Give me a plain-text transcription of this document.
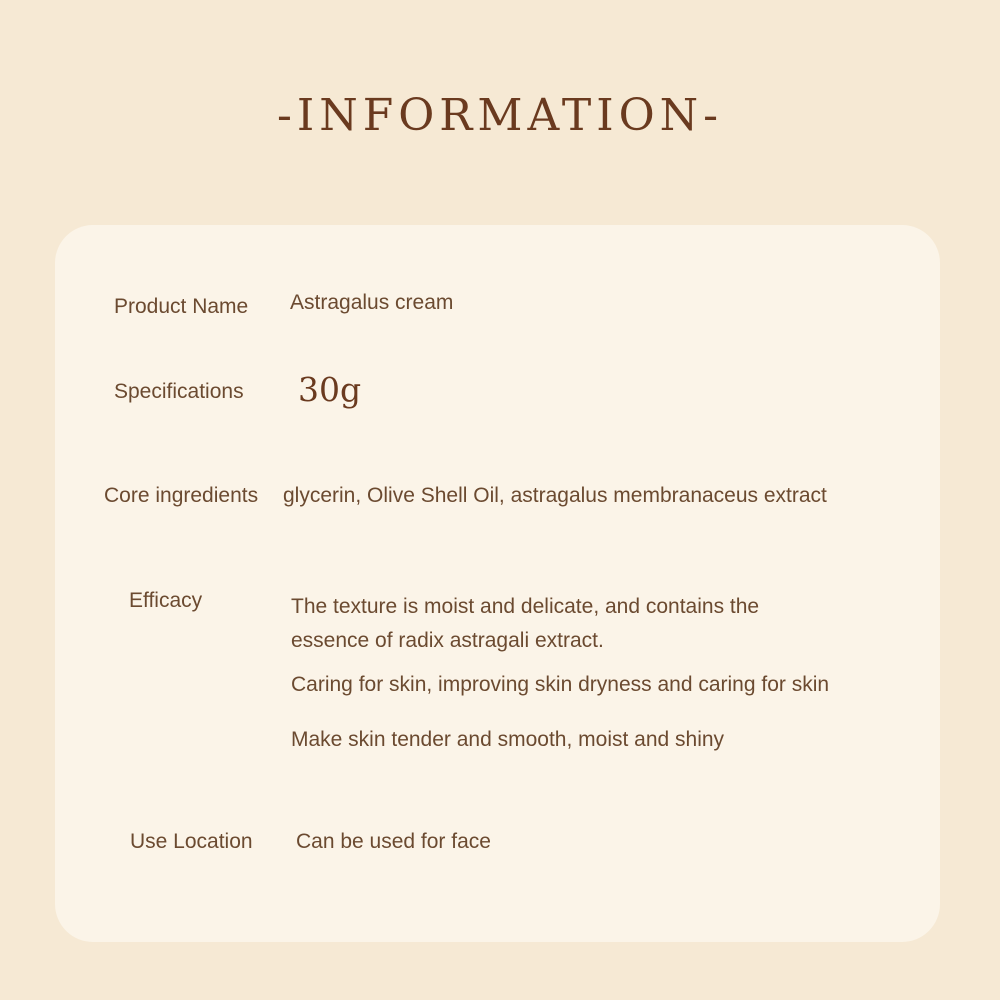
-INFORMATION-
Product Name Astragalus cream
Specifications 30g
Core ingredients glycerin, Olive Shell Oil, astragalus membranaceus extract
Efficacy	The texture is moist and delicate, and contains the
essence of radix astragali extract.
Caring for skin, improving skin dryness and caring for skin
Make skin tender and smooth, moist and shiny
Use Location Can be used for face
